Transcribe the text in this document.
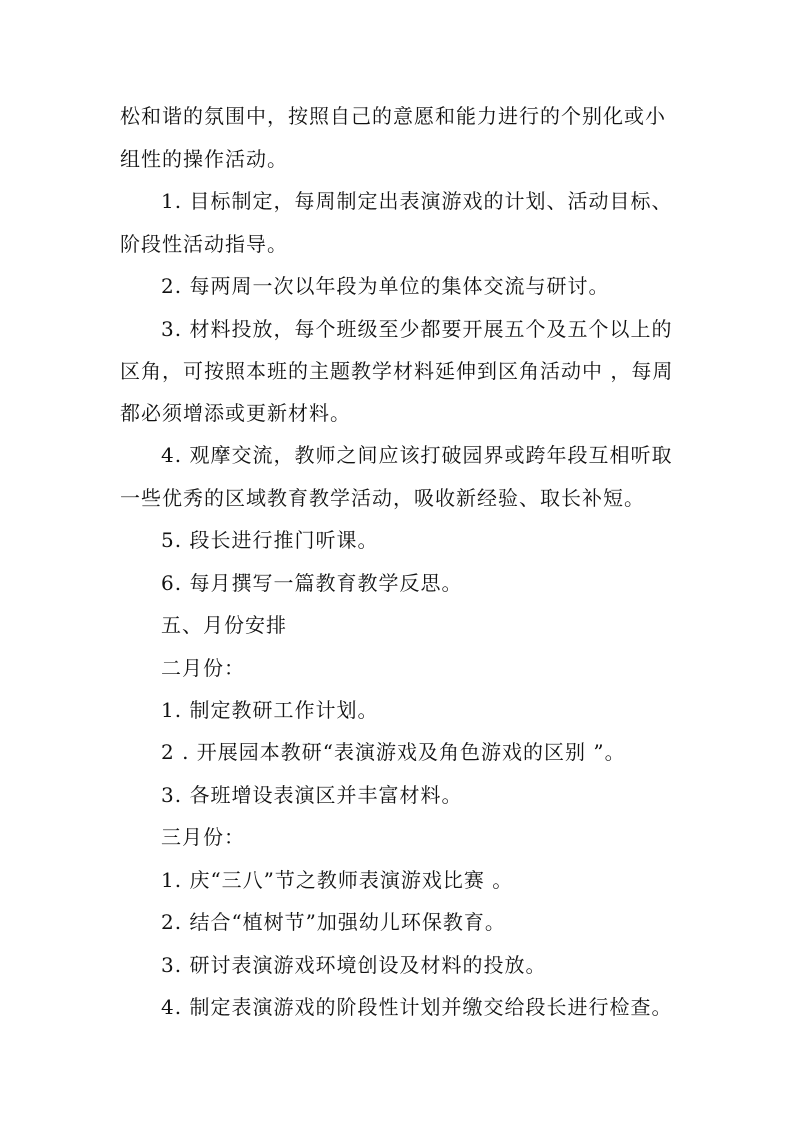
松和谐的氛围中，按照自己的意愿和能力进行的个别化或小
组性的操作活动。
1. 目标制定，每周制定出表演游戏的计划、活动目标、
阶段性活动指导。
2. 每两周一次以年段为单位的集体交流与研讨。
3. 材料投放，每个班级至少都要开展五个及五个以上的
区角，可按照本班的主题教学材料延伸到区角活动中 ，每周
都必须增添或更新材料。
4. 观摩交流，教师之间应该打破园界或跨年段互相听取
一些优秀的区域教育教学活动，吸收新经验、取长补短。
5. 段长进行推门听课。
6. 每月撰写一篇教育教学反思。
五、月份安排
二月份：
1. 制定教研工作计划。
2 . 开展园本教研“表演游戏及角色游戏的区别 ”。
3. 各班增设表演区并丰富材料。
三月份：
1. 庆“三八”节之教师表演游戏比赛 。
2. 结合“植树节”加强幼儿环保教育。
3. 研讨表演游戏环境创设及材料的投放。
4. 制定表演游戏的阶段性计划并缴交给段长进行检查。
